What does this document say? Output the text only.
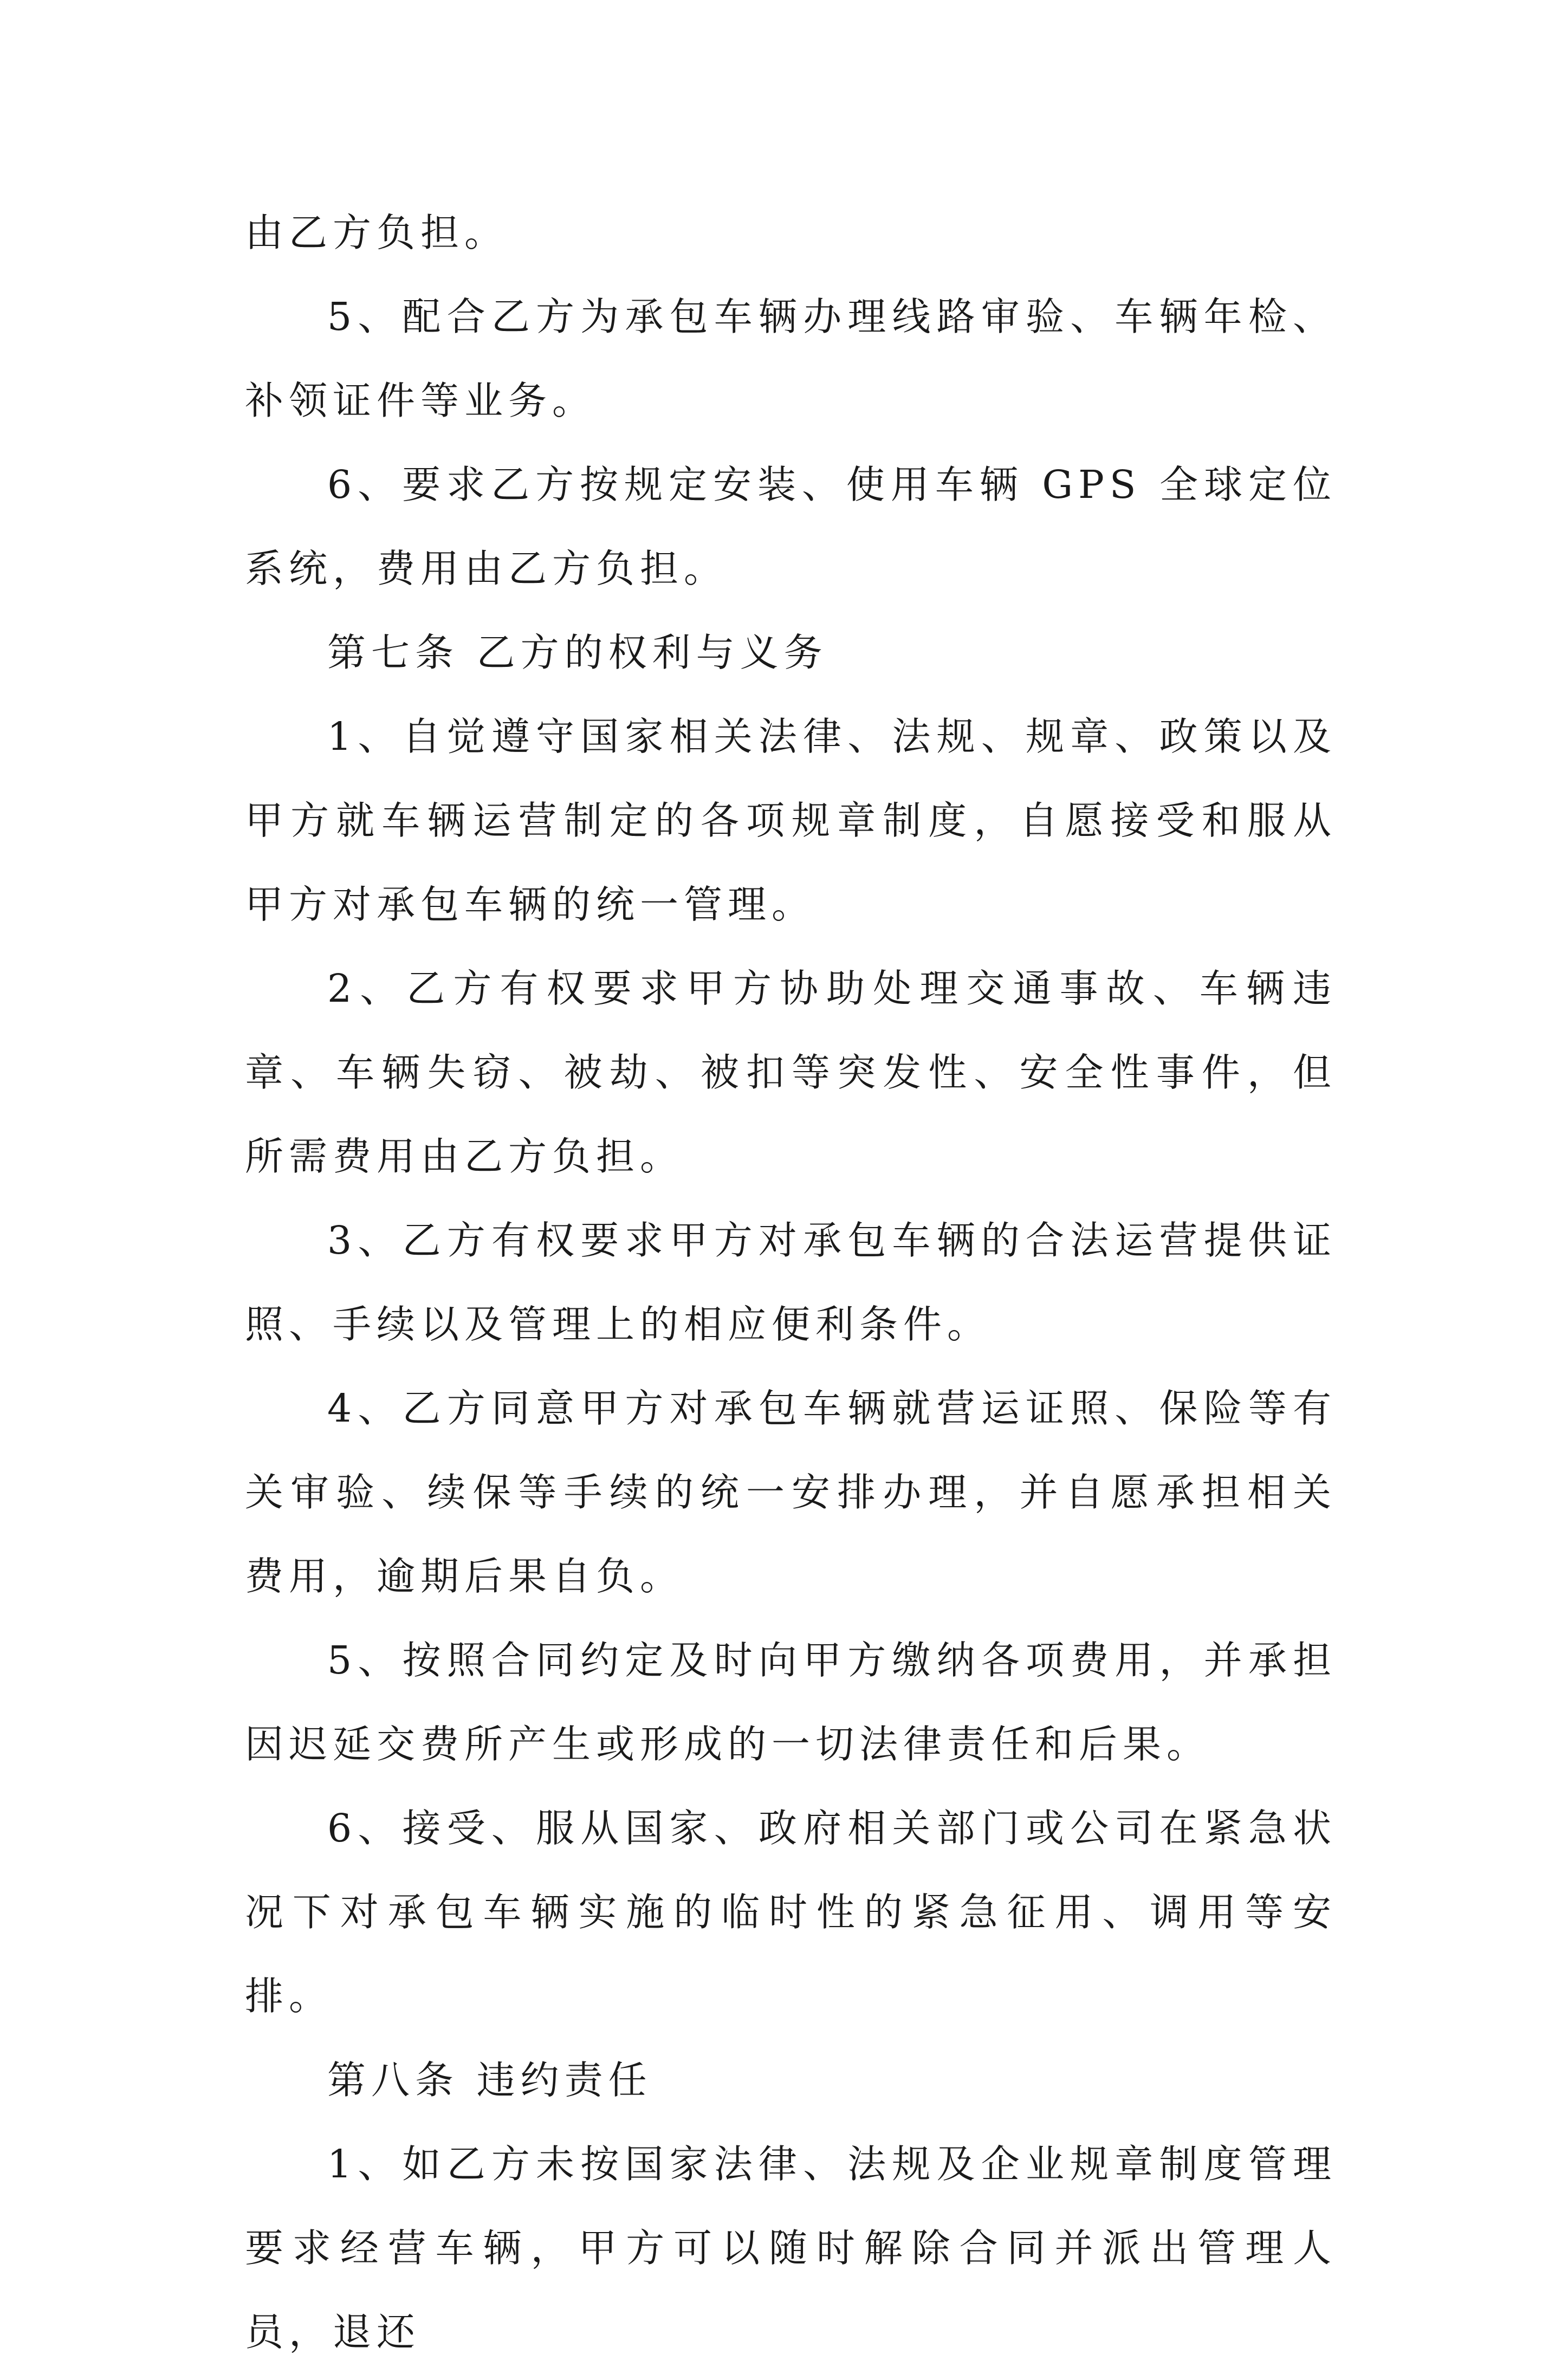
由乙方负担。

5、配合乙方为承包车辆办理线路审验、车辆年检、补领证件等业务。

6、要求乙方按规定安装、使用车辆 GPS 全球定位系统，费用由乙方负担。

第七条 乙方的权利与义务

1、自觉遵守国家相关法律、法规、规章、政策以及甲方就车辆运营制定的各项规章制度，自愿接受和服从甲方对承包车辆的统一管理。

2、乙方有权要求甲方协助处理交通事故、车辆违章、车辆失窃、被劫、被扣等突发性、安全性事件，但所需费用由乙方负担。

3、乙方有权要求甲方对承包车辆的合法运营提供证照、手续以及管理上的相应便利条件。

4、乙方同意甲方对承包车辆就营运证照、保险等有关审验、续保等手续的统一安排办理，并自愿承担相关费用，逾期后果自负。

5、按照合同约定及时向甲方缴纳各项费用，并承担因迟延交费所产生或形成的一切法律责任和后果。

6、接受、服从国家、政府相关部门或公司在紧急状况下对承包车辆实施的临时性的紧急征用、调用等安排。

第八条 违约责任

1、如乙方未按国家法律、法规及企业规章制度管理要求经营车辆，甲方可以随时解除合同并派出管理人员，退还
